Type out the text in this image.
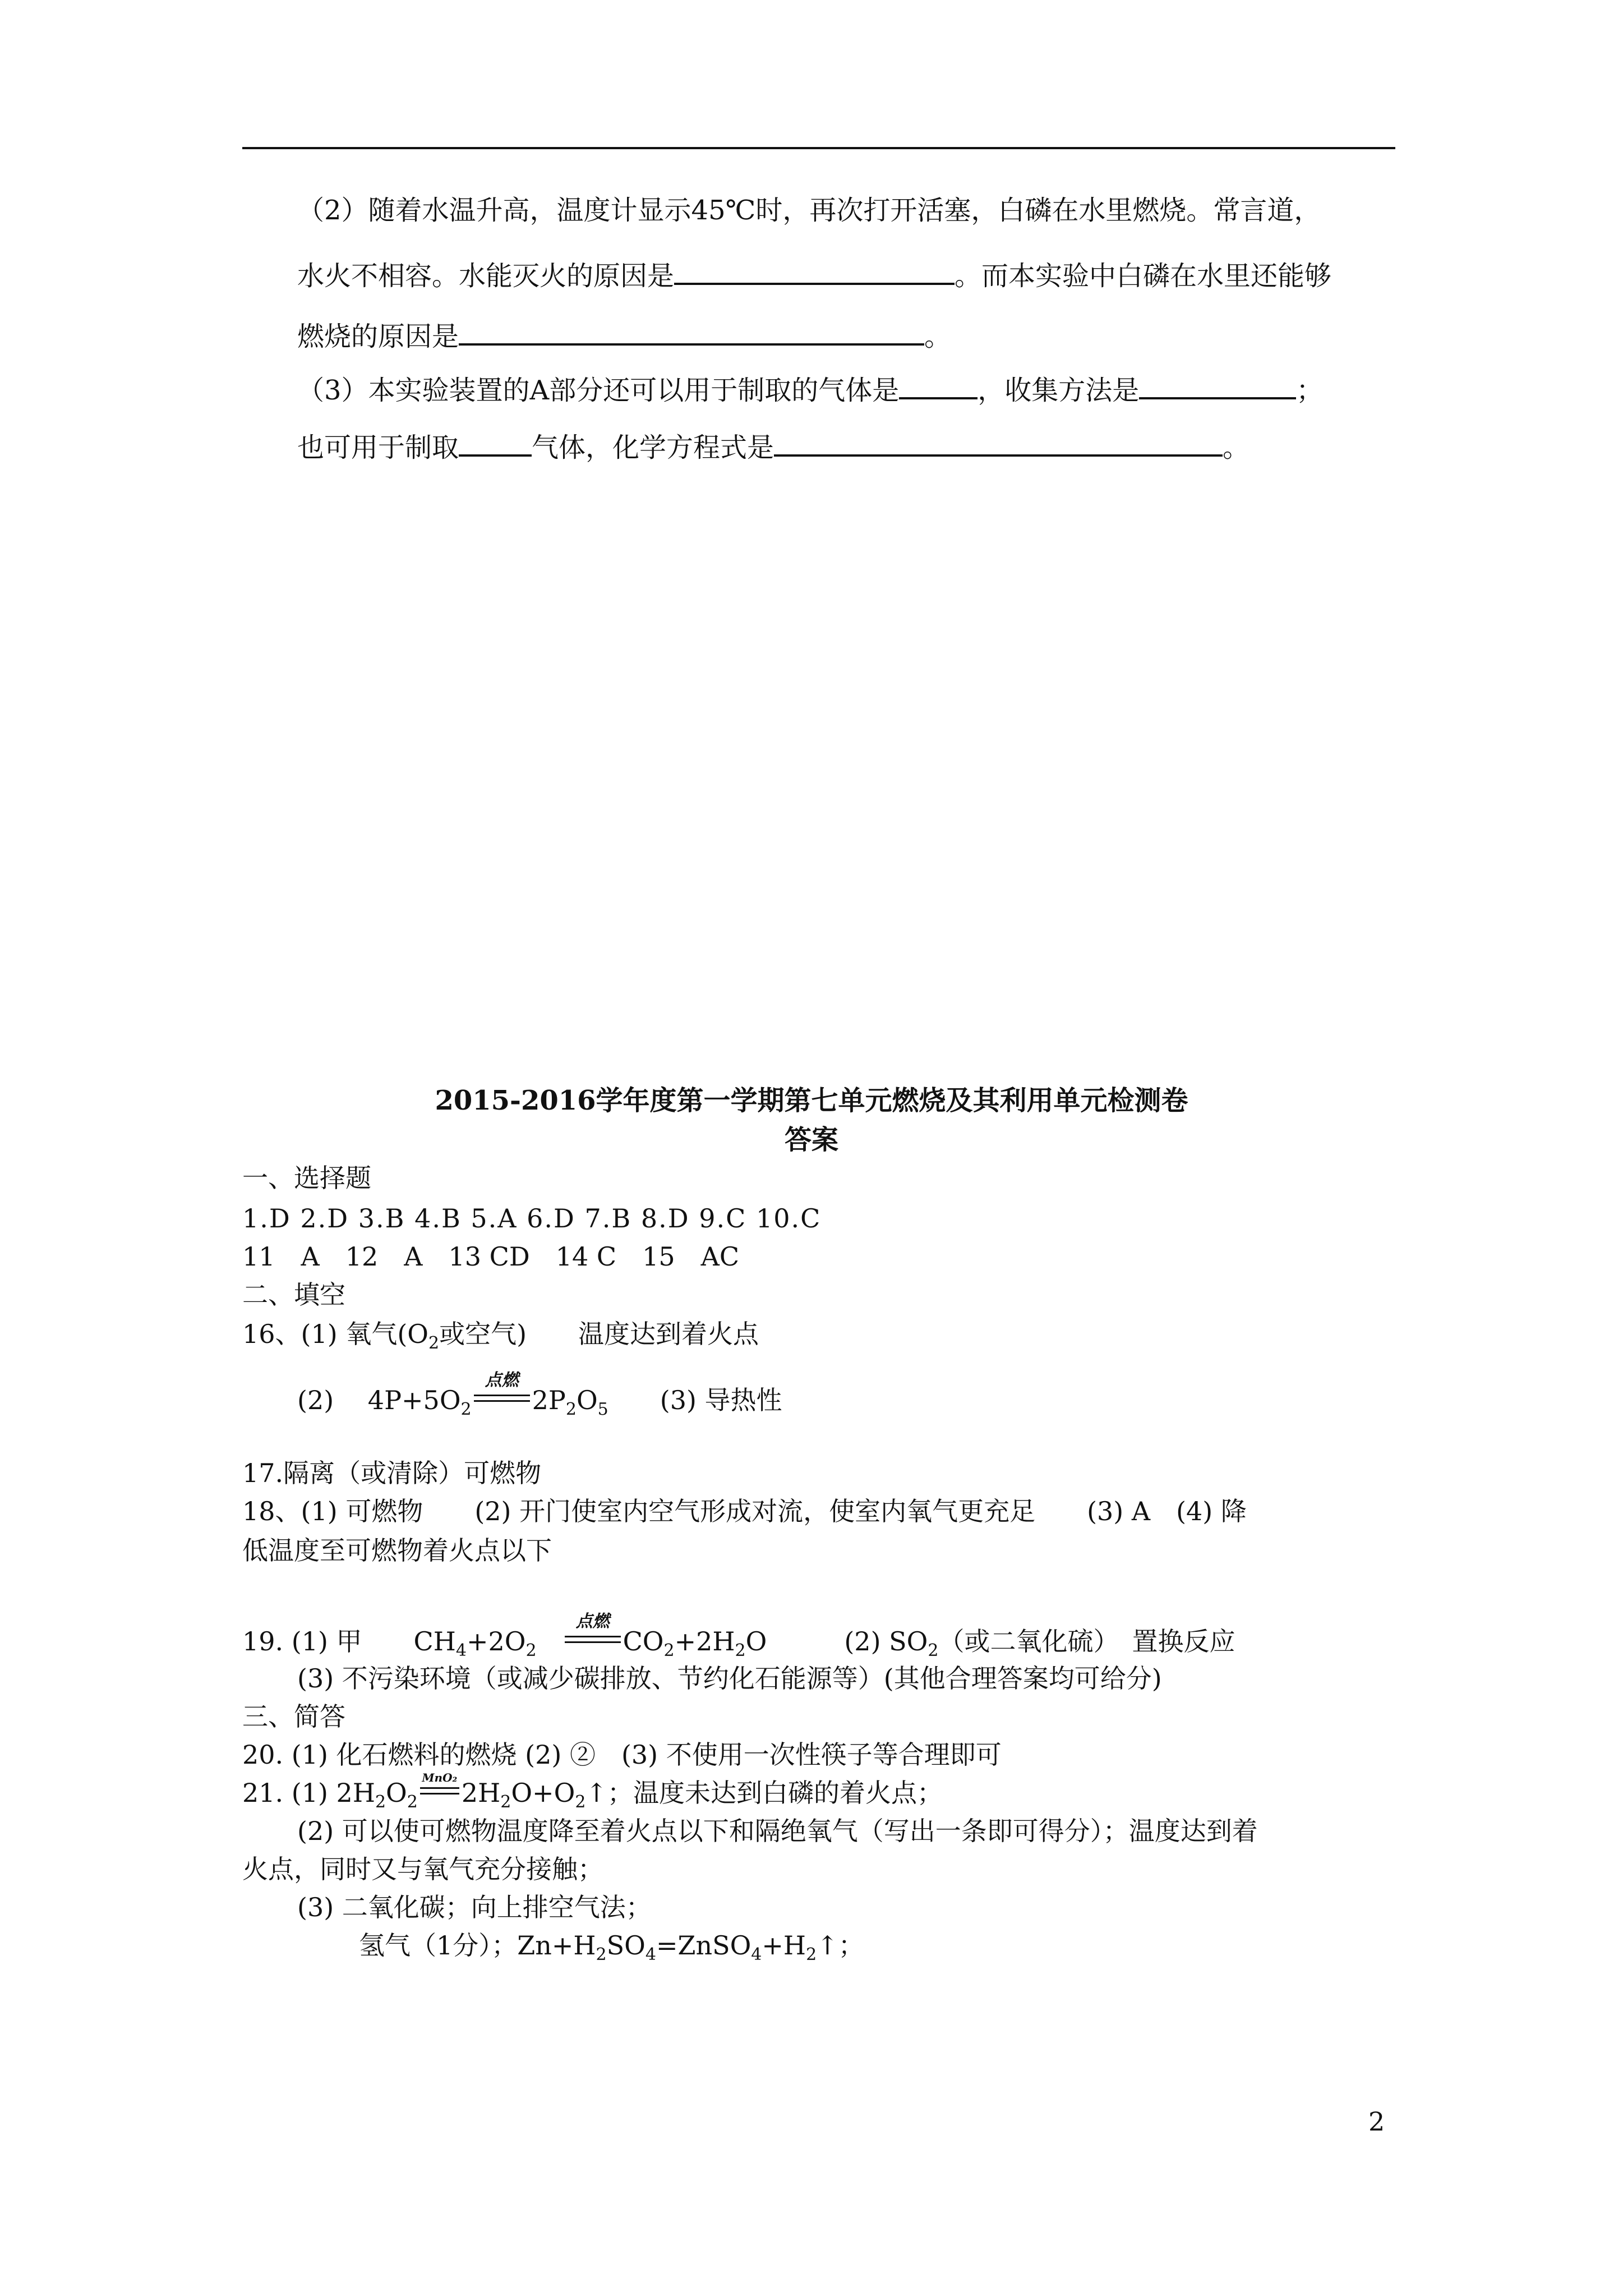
（2）随着水温升高，温度计显示45℃时，再次打开活塞，白磷在水里燃烧。常言道，
水火不相容。水能灭火的原因是	。而本实验中白磷在水里还能够
燃烧的原因是	。
（3）本实验装置的A部分还可以用于制取的气体是	，收集方法是	；
也可用于制取	气体，化学方程式是	。
2015-2016学年度第一学期第七单元燃烧及其利用单元检测卷
答案
一、选择题
1.D 2.D 3.B 4.B 5.A 6.D 7.B 8.D 9.C 10.C
11　A　12　A　13 CD　14 C　15　AC
二、填空
16、(1) 氧气($O_2$或空气)　　温度达到着火点
(2)　 $4P+5O_2$
点燃
$2P_2O_5$　　 (3) 导热性
17.隔离（或清除）可燃物
18、(1) 可燃物　　(2) 开门使室内空气形成对流，使室内氧气更充足　　(3) A　(4) 降
低温度至可燃物着火点以下
19. (1) 甲　　$CH_4+2O_2$　
点燃
$CO_2+2H_2O$　　　(2) $SO_2$（或二氧化硫）　置换反应
(3) 不污染环境（或减少碳排放、节约化石能源等）(其他合理答案均可给分)
三、简答
20. (1) 化石燃料的燃烧 (2) ②　(3) 不使用一次性筷子等合理即可
21. (1) $2H_2O_2$
MnO₂ $2H_2O+O_2↑$；温度未达到白磷的着火点；
(2) 可以使可燃物温度降至着火点以下和隔绝氧气（写出一条即可得分）；温度达到着
火点，同时又与氧气充分接触；
(3) 二氧化碳；向上排空气法；
氢气（1分）；$Zn+H_2SO_4=ZnSO_4+H_2↑$；
2
